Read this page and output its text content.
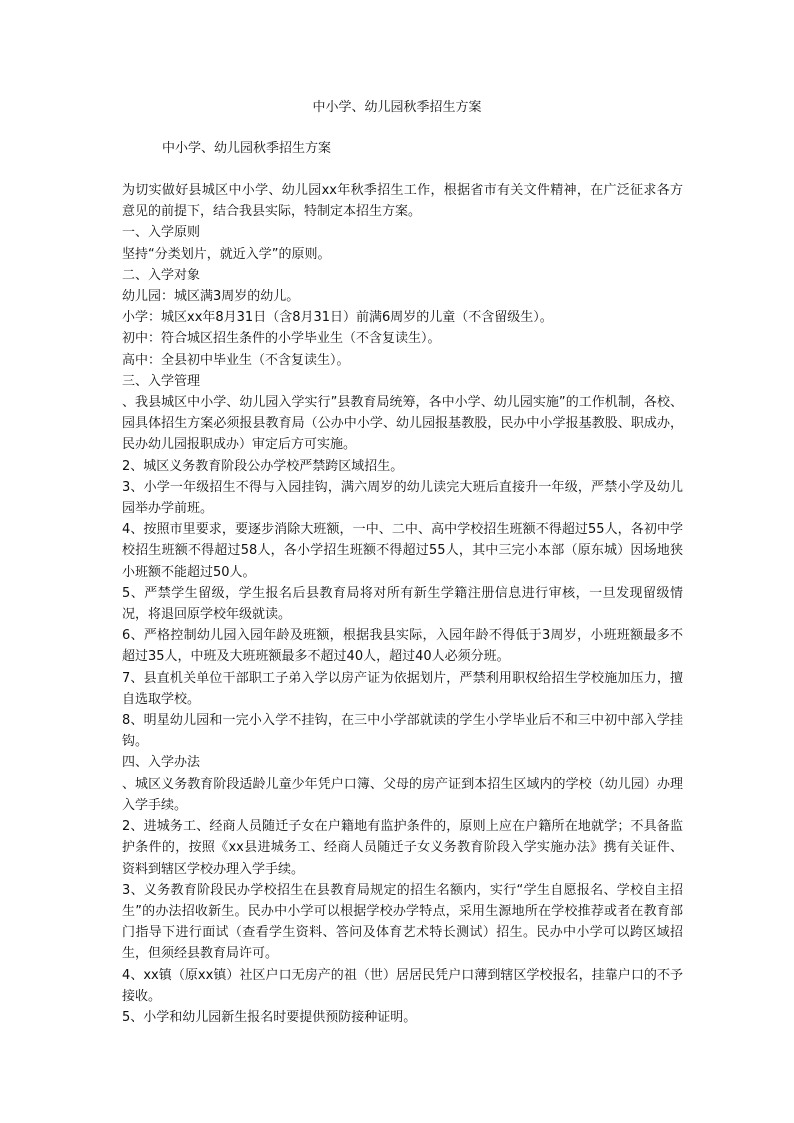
中小学、幼儿园秋季招生方案
中小学、幼儿园秋季招生方案

为切实做好县城区中小学、幼儿园xx年秋季招生工作，根据省市有关文件精神，在广泛征求各方意见的前提下，结合我县实际，特制定本招生方案。

一、入学原则

坚持“分类划片，就近入学”的原则。

二、入学对象

幼儿园：城区满3周岁的幼儿。

小学：城区xx年8月31日（含8月31日）前满6周岁的儿童（不含留级生）。

初中：符合城区招生条件的小学毕业生（不含复读生）。

高中：全县初中毕业生（不含复读生）。

三、入学管理

、我县城区中小学、幼儿园入学实行”县教育局统筹，各中小学、幼儿园实施”的工作机制，各校、园具体招生方案必须报县教育局（公办中小学、幼儿园报基教股，民办中小学报基教股、职成办，民办幼儿园报职成办）审定后方可实施。

2、城区义务教育阶段公办学校严禁跨区域招生。

3、小学一年级招生不得与入园挂钩，满六周岁的幼儿读完大班后直接升一年级，严禁小学及幼儿园举办学前班。

4、按照市里要求，要逐步消除大班额，一中、二中、高中学校招生班额不得超过55人，各初中学校招生班额不得超过58人，各小学招生班额不得超过55人，其中三完小本部（原东城）因场地狭小班额不能超过50人。

5、严禁学生留级，学生报名后县教育局将对所有新生学籍注册信息进行审核，一旦发现留级情况，将退回原学校年级就读。

6、严格控制幼儿园入园年龄及班额，根据我县实际，入园年龄不得低于3周岁，小班班额最多不超过35人，中班及大班班额最多不超过40人，超过40人必须分班。

7、县直机关单位干部职工子弟入学以房产证为依据划片，严禁利用职权给招生学校施加压力，擅自选取学校。

8、明星幼儿园和一完小入学不挂钩，在三中小学部就读的学生小学毕业后不和三中初中部入学挂钩。

四、入学办法

、城区义务教育阶段适龄儿童少年凭户口簿、父母的房产证到本招生区域内的学校（幼儿园）办理入学手续。

2、进城务工、经商人员随迁子女在户籍地有监护条件的，原则上应在户籍所在地就学；不具备监护条件的，按照《xx县进城务工、经商人员随迁子女义务教育阶段入学实施办法》携有关证件、资料到辖区学校办理入学手续。

3、义务教育阶段民办学校招生在县教育局规定的招生名额内，实行“学生自愿报名、学校自主招生”的办法招收新生。民办中小学可以根据学校办学特点，采用生源地所在学校推荐或者在教育部门指导下进行面试（查看学生资料、答问及体育艺术特长测试）招生。民办中小学可以跨区域招生，但须经县教育局许可。

4、xx镇（原xx镇）社区户口无房产的祖（世）居居民凭户口薄到辖区学校报名，挂靠户口的不予接收。

5、小学和幼儿园新生报名时要提供预防接种证明。
